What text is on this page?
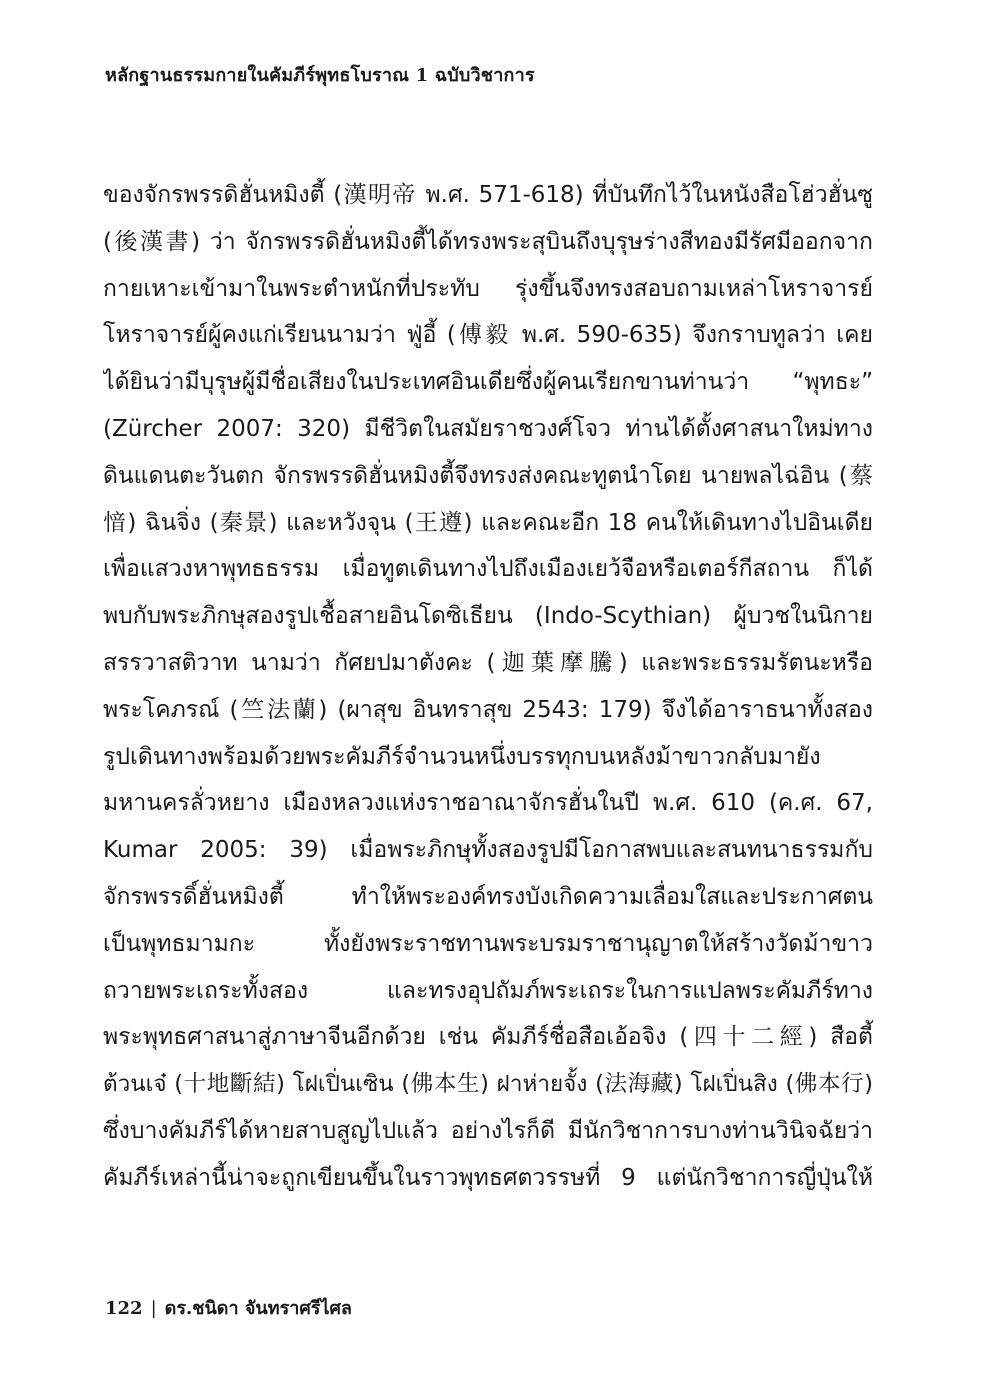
หลักฐานธรรมกายในคัมภีร์พุทธโบราณ 1 ฉบับวิชาการ
ของจักรพรรดิฮั่นหมิงตี้ (漢明帝 พ.ศ. 571-618) ที่บันทึกไว้ในหนังสือโฮ่วฮั่นซู
(後漢書) ว่า จักรพรรดิฮั่นหมิงตี้ได้ทรงพระสุบินถึงบุรุษร่างสีทองมีรัศมีออกจาก
กายเหาะเข้ามาในพระตำหนักที่ประทับ รุ่งขึ้นจึงทรงสอบถามเหล่าโหราจารย์
โหราจารย์ผู้คงแก่เรียนนามว่า ฟู่อี้ (傅毅 พ.ศ. 590-635) จึงกราบทูลว่า เคย
ได้ยินว่ามีบุรุษผู้มีชื่อเสียงในประเทศอินเดียซึ่งผู้คนเรียกขานท่านว่า “พุทธะ”
(Zürcher 2007: 320) มีชีวิตในสมัยราชวงศ์โจว ท่านได้ตั้งศาสนาใหม่ทาง
ดินแดนตะวันตก จักรพรรดิฮั่นหมิงตี้จึงทรงส่งคณะทูตนำโดย นายพลไฉ่อิน (蔡
愔) ฉินจิ่ง (秦景) และหวังจุน (王遵) และคณะอีก 18 คนให้เดินทางไปอินเดีย
เพื่อแสวงหาพุทธธรรม เมื่อทูตเดินทางไปถึงเมืองเยว้จือหรือเตอร์กีสถาน ก็ได้
พบกับพระภิกษุสองรูปเชื้อสายอินโดซิเธียน (Indo-Scythian) ผู้บวชในนิกาย
สรรวาสติวาท นามว่า กัศยปมาตังคะ (迦葉摩騰) และพระธรรมรัตนะหรือ
พระโคภรณ์ (竺法蘭) (ผาสุข อินทราสุข 2543: 179) จึงได้อาราธนาทั้งสอง
รูปเดินทางพร้อมด้วยพระคัมภีร์จำนวนหนึ่งบรรทุกบนหลังม้าขาวกลับมายัง
มหานครลั่วหยาง เมืองหลวงแห่งราชอาณาจักรฮั่นในปี พ.ศ. 610 (ค.ศ. 67,
Kumar 2005: 39) เมื่อพระภิกษุทั้งสองรูปมีโอกาสพบและสนทนาธรรมกับ
จักรพรรดิ์ฮั่นหมิงตี้ ทำให้พระองค์ทรงบังเกิดความเลื่อมใสและประกาศตน
เป็นพุทธมามกะ ทั้งยังพระราชทานพระบรมราชานุญาตให้สร้างวัดม้าขาว
ถวายพระเถระทั้งสอง และทรงอุปถัมภ์พระเถระในการแปลพระคัมภีร์ทาง
พระพุทธศาสนาสู่ภาษาจีนอีกด้วย เช่น คัมภีร์ชื่อสือเอ้อจิง (四十二經) สือตี้
ต้วนเจ๋ (十地斷結) โฝเปิ่นเซิน (佛本生) ฝาห่ายจั้ง (法海藏) โฝเปิ่นสิง (佛本行)
ซึ่งบางคัมภีร์ได้หายสาบสูญไปแล้ว อย่างไรก็ดี มีนักวิชาการบางท่านวินิจฉัยว่า
คัมภีร์เหล่านี้น่าจะถูกเขียนขึ้นในราวพุทธศตวรรษที่ 9 แต่นักวิชาการญี่ปุ่นให้
122 | ดร.ชนิดา จันทราศรีไศล
